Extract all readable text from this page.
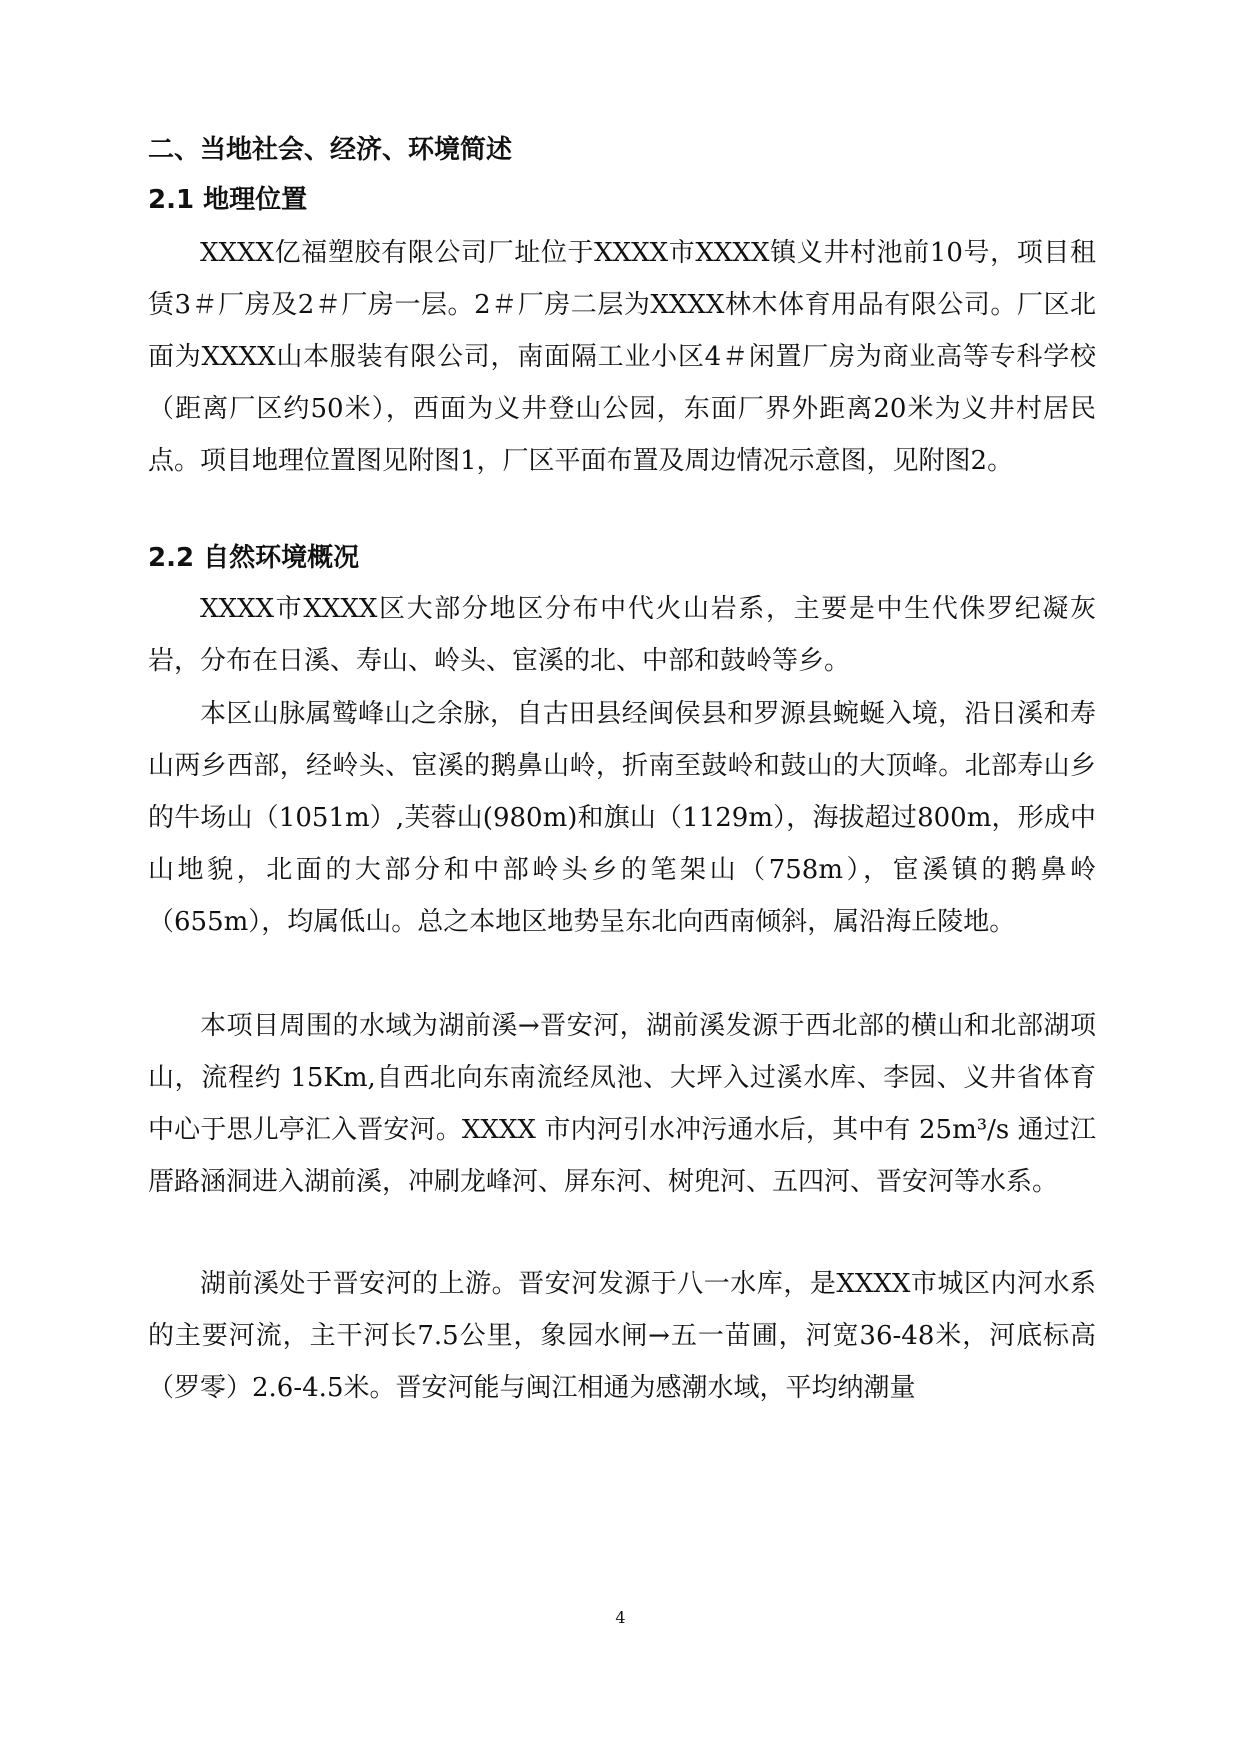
二、当地社会、经济、环境简述
2.1 地理位置

XXXX亿福塑胶有限公司厂址位于XXXX市XXXX镇义井村池前10号，项目租赁3＃厂房及2＃厂房一层。2＃厂房二层为XXXX林木体育用品有限公司。厂区北面为XXXX山本服装有限公司，南面隔工业小区4＃闲置厂房为商业高等专科学校（距离厂区约50米），西面为义井登山公园，东面厂界外距离20米为义井村居民点。项目地理位置图见附图1，厂区平面布置及周边情况示意图，见附图2。

2.2 自然环境概况

XXXX市XXXX区大部分地区分布中代火山岩系，主要是中生代侏罗纪凝灰岩，分布在日溪、寿山、岭头、宦溪的北、中部和鼓岭等乡。

本区山脉属鹫峰山之余脉，自古田县经闽侯县和罗源县蜿蜒入境，沿日溪和寿山两乡西部，经岭头、宦溪的鹅鼻山岭，折南至鼓岭和鼓山的大顶峰。北部寿山乡的牛场山（1051m）,芙蓉山(980m)和旗山（1129m），海拔超过800m，形成中山地貌，北面的大部分和中部岭头乡的笔架山（758m），宦溪镇的鹅鼻岭（655m），均属低山。总之本地区地势呈东北向西南倾斜，属沿海丘陵地。

本项目周围的水域为湖前溪→晋安河，湖前溪发源于西北部的横山和北部湖项山，流程约 15Km,自西北向东南流经凤池、大坪入过溪水库、李园、义井省体育中心于思儿亭汇入晋安河。XXXX 市内河引水冲污通水后，其中有 25m³/s 通过江厝路涵洞进入湖前溪，冲刷龙峰河、屏东河、树兜河、五四河、晋安河等水系。

湖前溪处于晋安河的上游。晋安河发源于八一水库，是XXXX市城区内河水系的主要河流，主干河长7.5公里，象园水闸→五一苗圃，河宽36-48米，河底标高（罗零）2.6-4.5米。晋安河能与闽江相通为感潮水域，平均纳潮量

4
